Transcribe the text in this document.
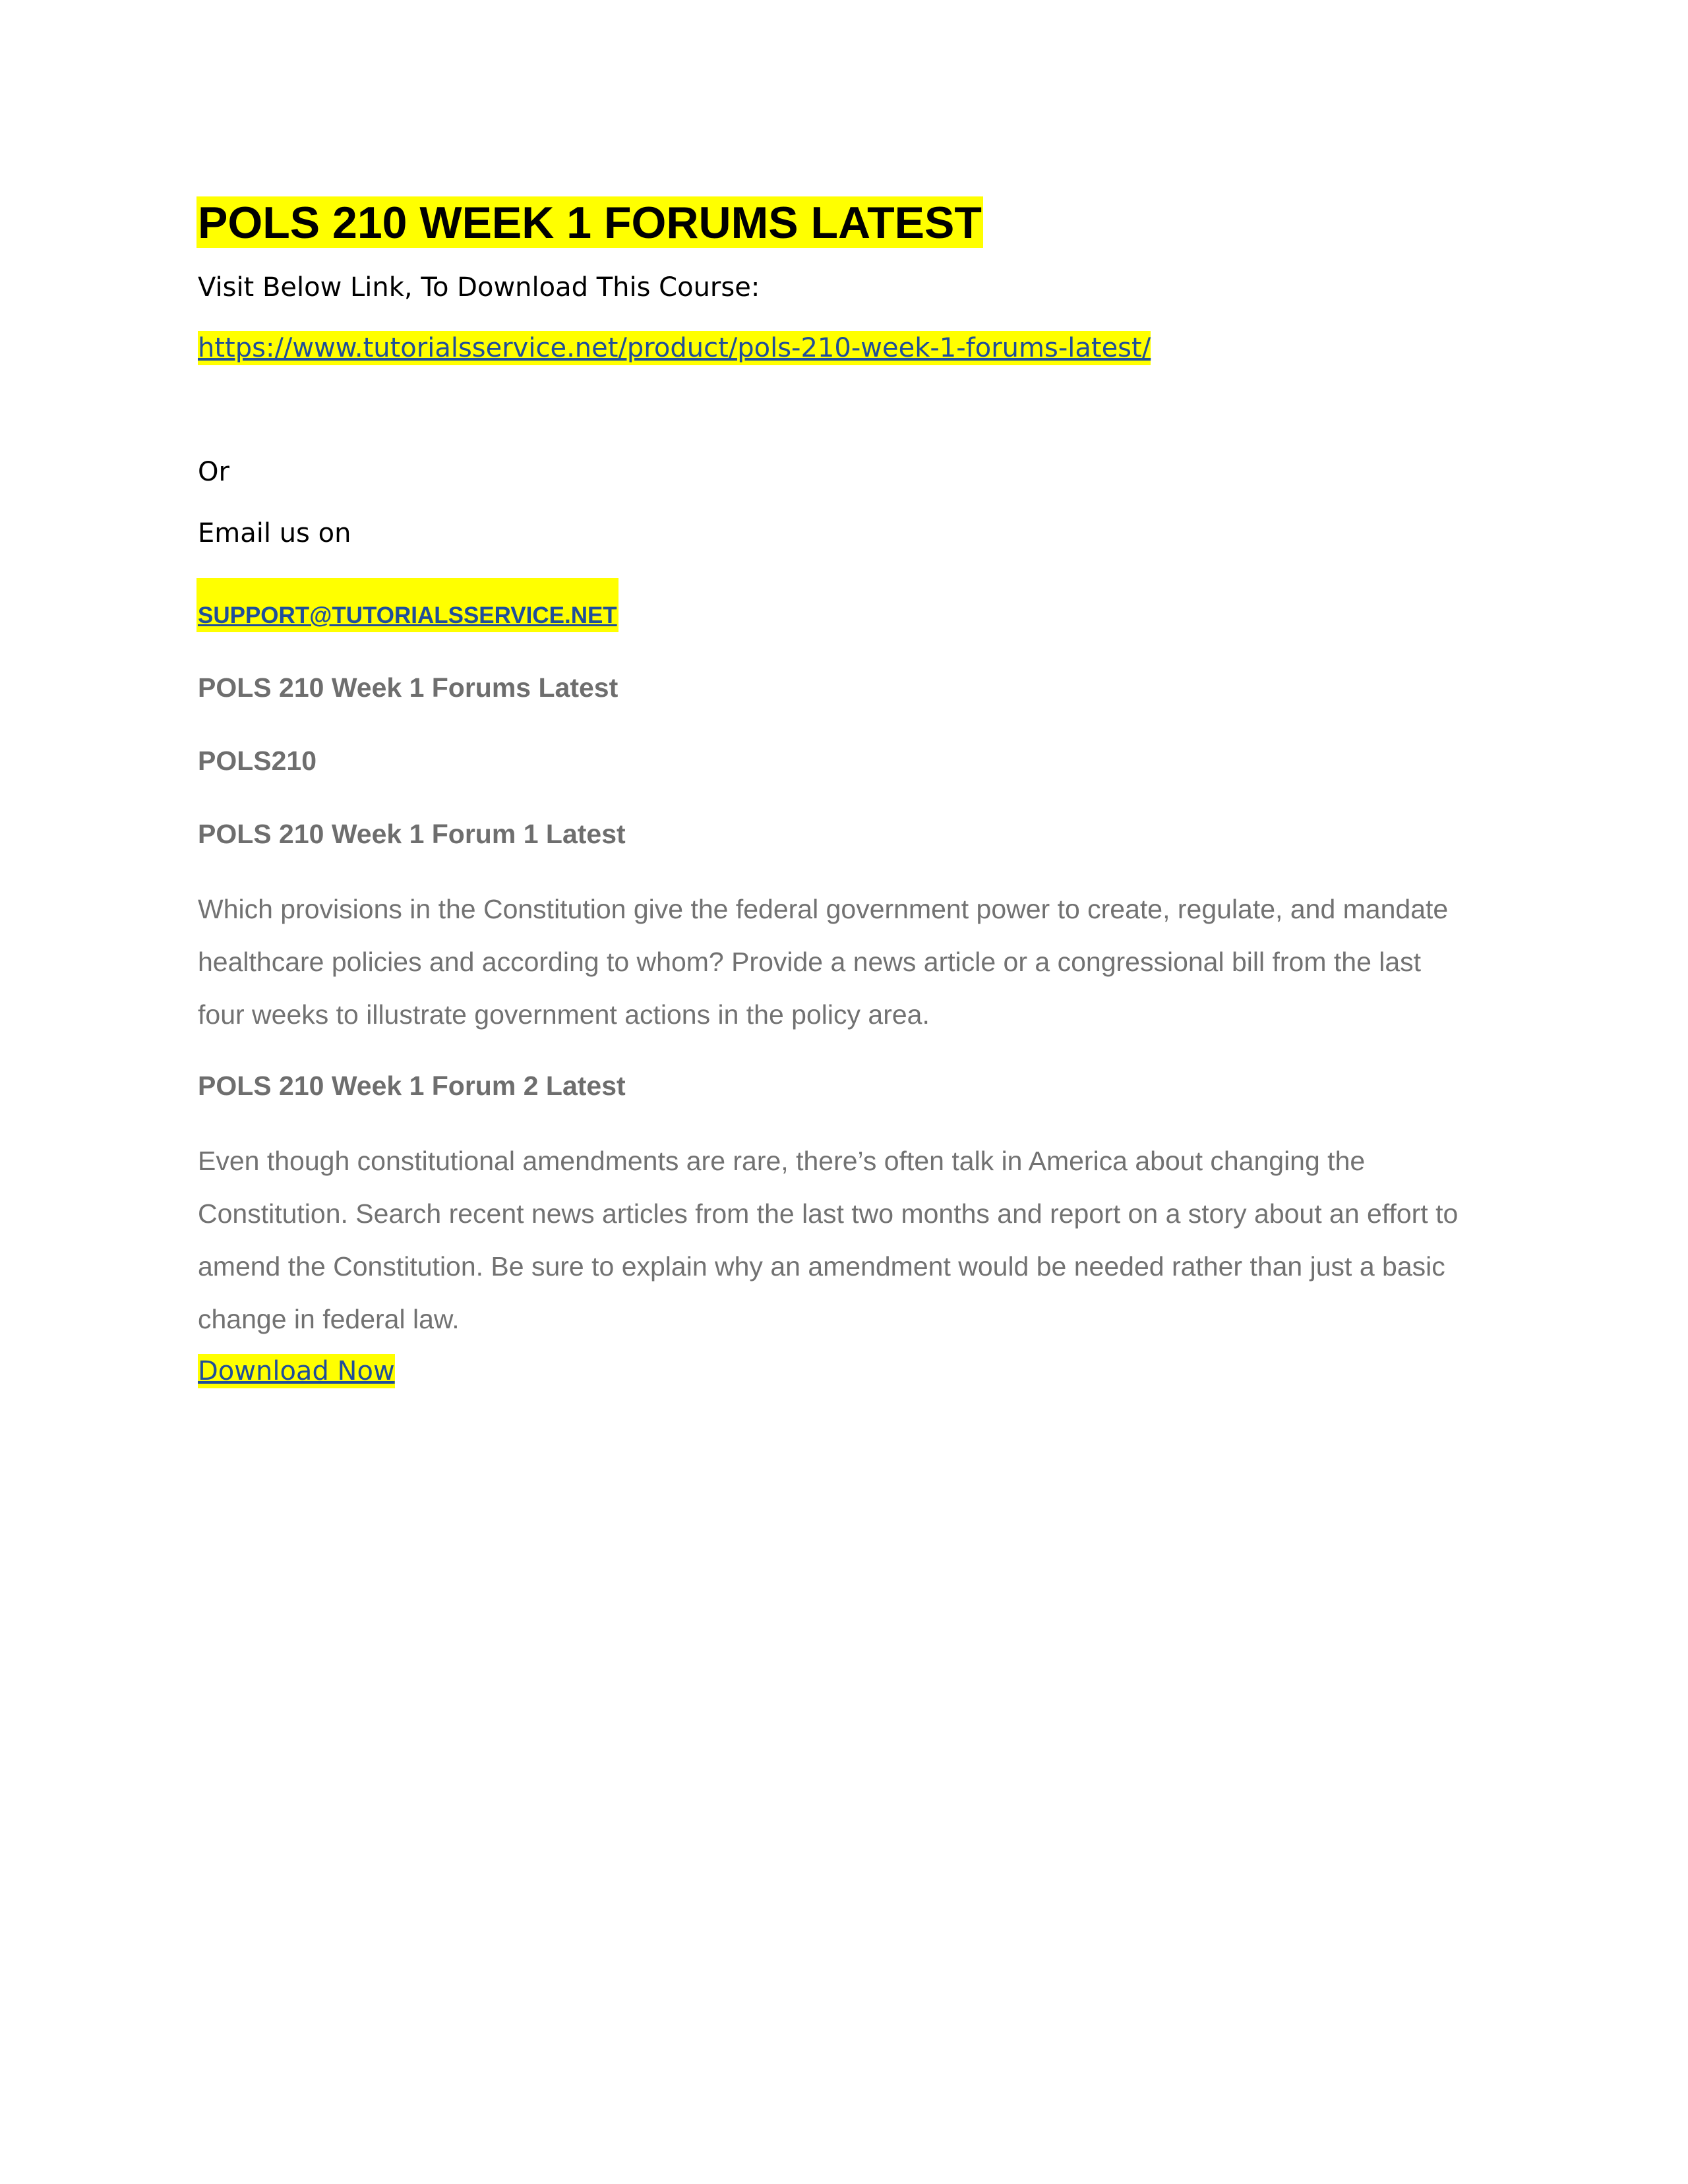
POLS 210 WEEK 1 FORUMS LATEST
Visit Below Link, To Download This Course:
https://www.tutorialsservice.net/product/pols-210-week-1-forums-latest/
Or
Email us on
SUPPORT@TUTORIALSSERVICE.NET
POLS 210 Week 1 Forums Latest
POLS210
POLS 210 Week 1 Forum 1 Latest
Which provisions in the Constitution give the federal government power to create, regulate, and mandate
healthcare policies and according to whom? Provide a news article or a congressional bill from the last
four weeks to illustrate government actions in the policy area.
POLS 210 Week 1 Forum 2 Latest
Even though constitutional amendments are rare, there’s often talk in America about changing the
Constitution. Search recent news articles from the last two months and report on a story about an effort to
amend the Constitution. Be sure to explain why an amendment would be needed rather than just a basic
change in federal law.
Download Now
